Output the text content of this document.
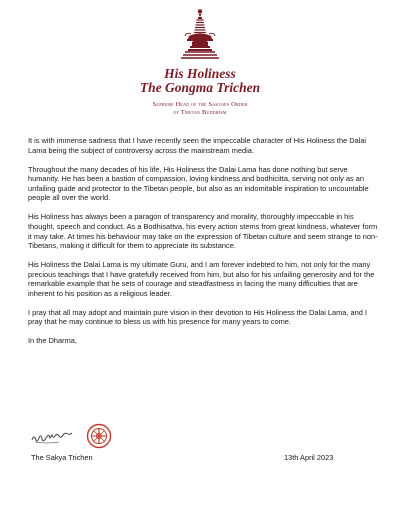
His Holiness
The Gongma Trichen
Supreme Head of the Sakyapa Order
of Tibetan Buddhism

It is with immense sadness that I have recently seen the impeccable character of His Holiness the Dalai Lama being the subject of controversy across the mainstream media.

Throughout the many decades of his life, His Holiness the Dalai Lama has done nothing but serve humanity. He has been a bastion of compassion, loving kindness and bodhicitta, serving not only as an unfailing guide and protector to the Tibetan people, but also as an indomitable inspiration to uncountable people all over the world.

His Holiness has always been a paragon of transparency and morality, thoroughly impeccable in his thought, speech and conduct. As a Bodhisattva, his every action stems from great kindness, whatever form it may take. At times his behaviour may take on the expression of Tibetan culture and seem strange to non-Tibetans, making it difficult for them to appreciate its substance.

His Holiness the Dalai Lama is my ultimate Guru, and I am forever indebted to him, not only for the many precious teachings that I have gratefully received from him, but also for his unfailing generosity and for the remarkable example that he sets of courage and steadfastness in facing the many difficulties that are inherent to his position as a religious leader.

I pray that all may adopt and maintain pure vision in their devotion to His Holiness the Dalai Lama, and I pray that he may continue to bless us with his presence for many years to come.

In the Dharma,

The Sakya Trichen	13th April 2023
